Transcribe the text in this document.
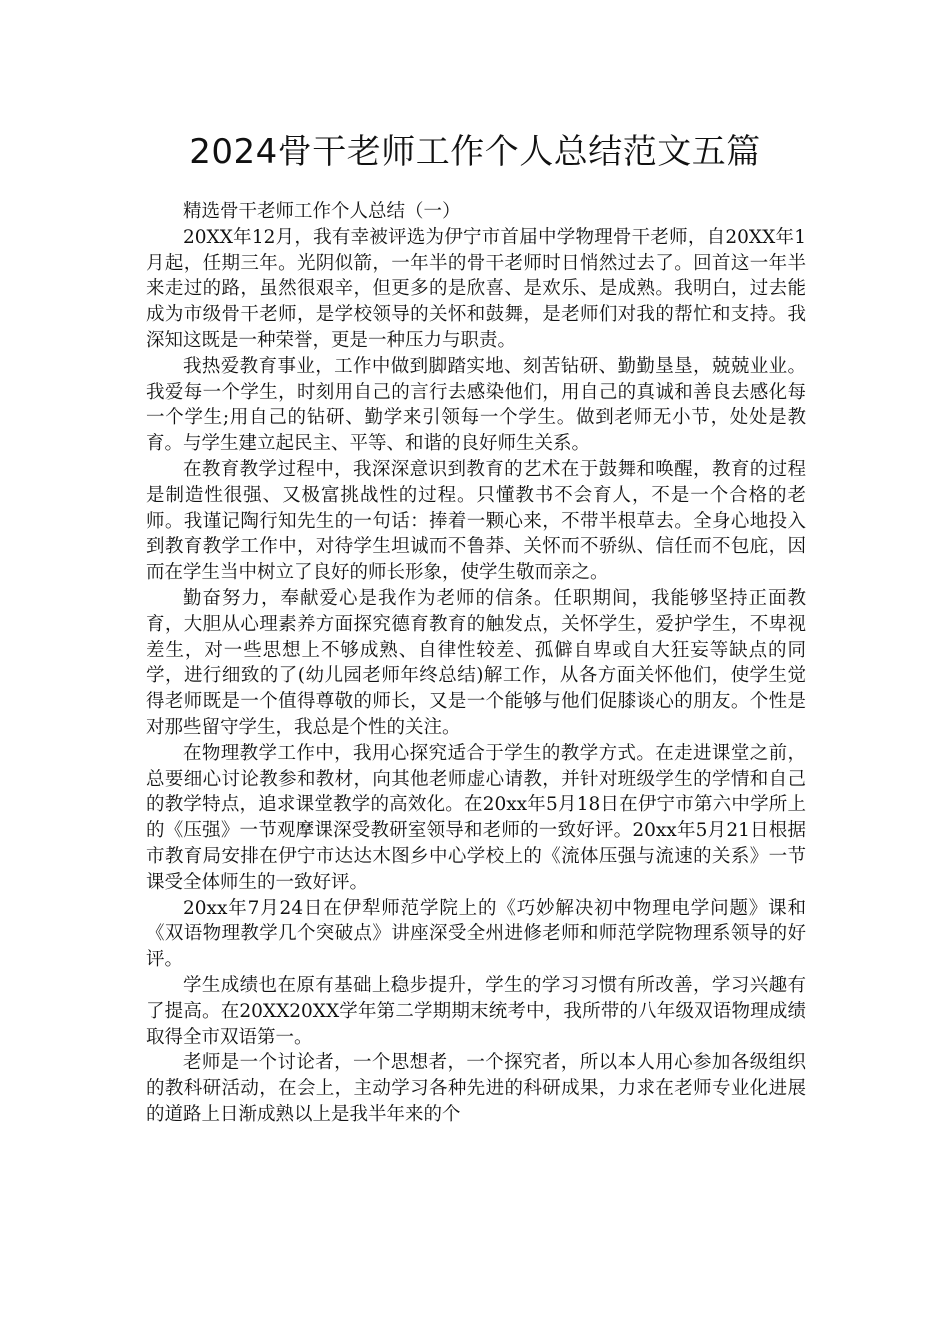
2024骨干老师工作个人总结范文五篇

精选骨干老师工作个人总结（一）

20XX年12月，我有幸被评选为伊宁市首届中学物理骨干老师，自20XX年1月起，任期三年。光阴似箭，一年半的骨干老师时日悄然过去了。回首这一年半来走过的路，虽然很艰辛，但更多的是欣喜、是欢乐、是成熟。我明白，过去能成为市级骨干老师，是学校领导的关怀和鼓舞，是老师们对我的帮忙和支持。我深知这既是一种荣誉，更是一种压力与职责。

我热爱教育事业，工作中做到脚踏实地、刻苦钻研、勤勤垦垦，兢兢业业。我爱每一个学生，时刻用自己的言行去感染他们，用自己的真诚和善良去感化每一个学生;用自己的钻研、勤学来引领每一个学生。做到老师无小节，处处是教育。与学生建立起民主、平等、和谐的良好师生关系。

在教育教学过程中，我深深意识到教育的艺术在于鼓舞和唤醒，教育的过程是制造性很强、又极富挑战性的过程。只懂教书不会育人，不是一个合格的老师。我谨记陶行知先生的一句话：捧着一颗心来，不带半根草去。全身心地投入到教育教学工作中，对待学生坦诚而不鲁莽、关怀而不骄纵、信任而不包庇，因而在学生当中树立了良好的师长形象，使学生敬而亲之。

勤奋努力，奉献爱心是我作为老师的信条。任职期间，我能够坚持正面教育，大胆从心理素养方面探究德育教育的触发点，关怀学生，爱护学生，不卑视差生，对一些思想上不够成熟、自律性较差、孤僻自卑或自大狂妄等缺点的同学，进行细致的了(幼儿园老师年终总结)解工作，从各方面关怀他们，使学生觉得老师既是一个值得尊敬的师长，又是一个能够与他们促膝谈心的朋友。个性是对那些留守学生，我总是个性的关注。

在物理教学工作中，我用心探究适合于学生的教学方式。在走进课堂之前，总要细心讨论教参和教材，向其他老师虚心请教，并针对班级学生的学情和自己的教学特点，追求课堂教学的高效化。在20xx年5月18日在伊宁市第六中学所上的《压强》一节观摩课深受教研室领导和老师的一致好评。20xx年5月21日根据市教育局安排在伊宁市达达木图乡中心学校上的《流体压强与流速的关系》一节课受全体师生的一致好评。

20xx年7月24日在伊犁师范学院上的《巧妙解决初中物理电学问题》课和《双语物理教学几个突破点》讲座深受全州进修老师和师范学院物理系领导的好评。

学生成绩也在原有基础上稳步提升，学生的学习习惯有所改善，学习兴趣有了提高。在20XX20XX学年第二学期期末统考中，我所带的八年级双语物理成绩取得全市双语第一。

老师是一个讨论者，一个思想者，一个探究者，所以本人用心参加各级组织的教科研活动，在会上，主动学习各种先进的科研成果，力求在老师专业化进展的道路上日渐成熟以上是我半年来的个
